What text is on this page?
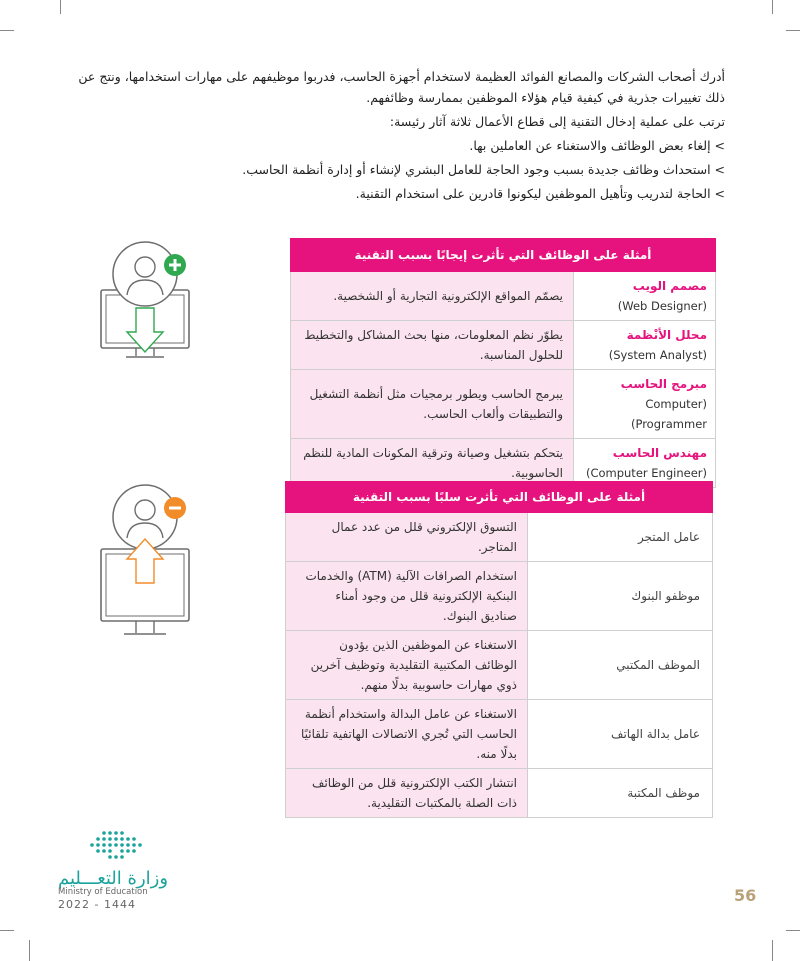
أدرك أصحاب الشركات والمصانع الفوائد العظيمة لاستخدام أجهزة الحاسب، فدربوا موظيفهم على مهارات استخدامها، ونتج عن ذلك تغييرات جذرية في كيفية قيام هؤلاء الموظفين بممارسة وظائفهم.

ترتب على عملية إدخال التقنية إلى قطاع الأعمال ثلاثة آثار رئيسة:

> إلغاء بعض الوظائف والاستغناء عن العاملين بها.

> استحداث وظائف جديدة بسبب وجود الحاجة للعامل البشري لإنشاء أو إدارة أنظمة الحاسب.

> الحاجة لتدريب وتأهيل الموظفين ليكونوا قادرين على استخدام التقنية.

أمثلة على الوظائف التي تأثرت إيجابًا بسبب التقنية	

مصمم الويب
(Web Designer)	يصمّم المواقع الإلكترونية التجارية أو الشخصية.

محلل الأنْظمة
(System Analyst)	يطوّر نظم المعلومات، منها بحث المشاكل والتخطيط للحلول المناسبة.

مبرمج الحاسب
(Computer Programmer)	يبرمج الحاسب ويطور برمجيات مثل أنظمة التشغيل والتطبيقات وألعاب الحاسب.

مهندس الحاسب
(Computer Engineer)	يتحكم بتشغيل وصيانة وترقية المكونات المادية للنظم الحاسوبية.
أمثلة على الوظائف التي تأثرت سلبًا بسبب التقنية	
عامل المتجر	التسوق الإلكتروني قلل من عدد عمال المتاجر.
موظفو البنوك	استخدام الصرافات الآلية (ATM) والخدمات البنكية الإلكترونية قلل من وجود أمناء صناديق البنوك.
الموظف المكتبي	الاستغناء عن الموظفين الذين يؤدون الوظائف المكتبية التقليدية وتوظيف آخرين ذوي مهارات حاسوبية بدلًا منهم.
عامل بدالة الهاتف	الاستغناء عن عامل البدالة واستخدام أنظمة الحاسب التي تُجري الاتصالات الهاتفية تلقائيًا بدلًا منه.
موظف المكتبة	انتشار الكتب الإلكترونية قلل من الوظائف ذات الصلة بالمكتبات التقليدية.
وزارة التعـــليم
Ministry of Education
2022 - 1444	56
